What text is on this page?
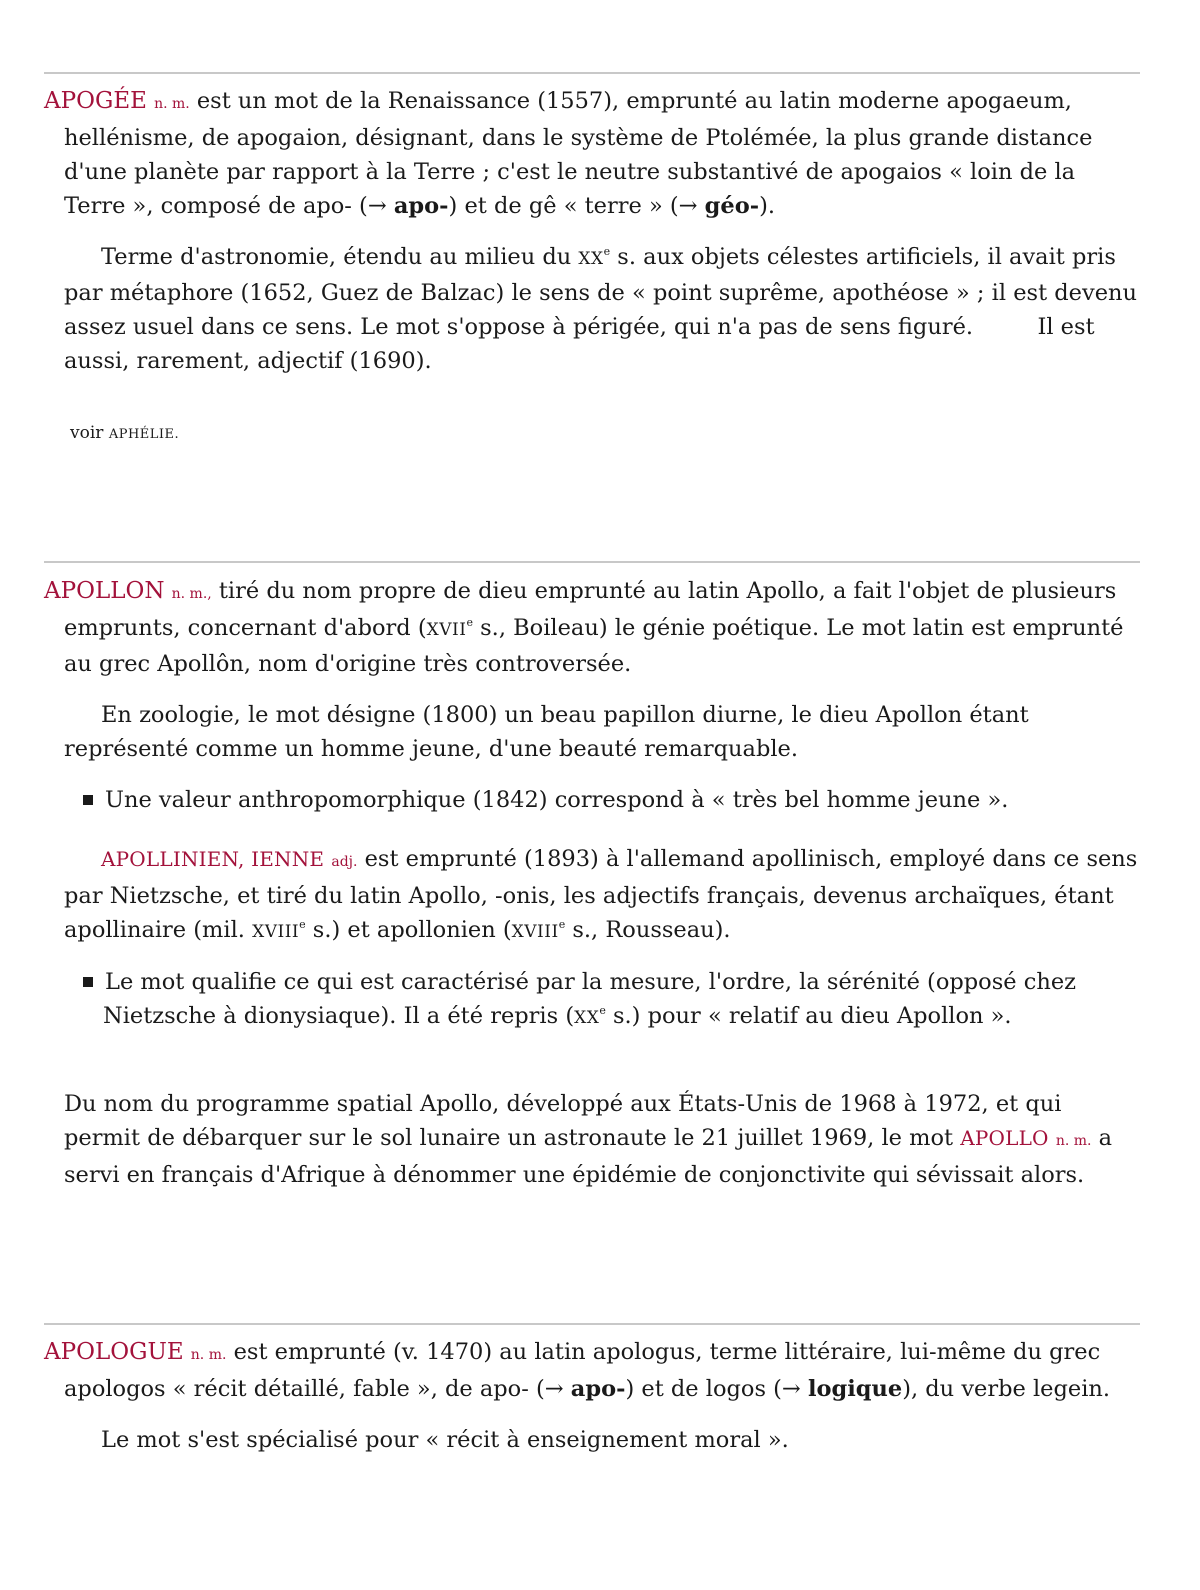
APOGÉE n. m. est un mot de la Renaissance (1557), emprunté au latin moderne apogaeum, hellénisme, de apogaion, désignant, dans le système de Ptolémée, la plus grande distance d'une planète par rapport à la Terre ; c'est le neutre substantivé de apogaios « loin de la Terre », composé de apo- (→ apo-) et de gê « terre » (→ géo-).

Terme d'astronomie, étendu au milieu du XXe s. aux objets célestes artificiels, il avait pris par métaphore (1652, Guez de Balzac) le sens de « point suprême, apothéose » ; il est devenu assez usuel dans ce sens. Le mot s'oppose à périgée, qui n'a pas de sens figuré.	Il est aussi, rarement, adjectif (1690).

voir APHÉLIE.

APOLLON n. m., tiré du nom propre de dieu emprunté au latin Apollo, a fait l'objet de plusieurs emprunts, concernant d'abord (XVIIe s., Boileau) le génie poétique. Le mot latin est emprunté au grec Apollôn, nom d'origine très controversée.

En zoologie, le mot désigne (1800) un beau papillon diurne, le dieu Apollon étant représenté comme un homme jeune, d'une beauté remarquable.

Une valeur anthropomorphique (1842) correspond à « très bel homme jeune ».

APOLLINIEN, IENNE adj. est emprunté (1893) à l'allemand apollinisch, employé dans ce sens par Nietzsche, et tiré du latin Apollo, -onis, les adjectifs français, devenus archaïques, étant apollinaire (mil. XVIIIe s.) et apollonien (XVIIIe s., Rousseau).

Le mot qualifie ce qui est caractérisé par la mesure, l'ordre, la sérénité (opposé chez Nietzsche à dionysiaque). Il a été repris (XXe s.) pour « relatif au dieu Apollon ».

Du nom du programme spatial Apollo, développé aux États-Unis de 1968 à 1972, et qui permit de débarquer sur le sol lunaire un astronaute le 21 juillet 1969, le mot APOLLO n. m. a servi en français d'Afrique à dénommer une épidémie de conjonctivite qui sévissait alors.

APOLOGUE n. m. est emprunté (v. 1470) au latin apologus, terme littéraire, lui-même du grec apologos « récit détaillé, fable », de apo- (→ apo-) et de logos (→ logique), du verbe legein.

Le mot s'est spécialisé pour « récit à enseignement moral ».
